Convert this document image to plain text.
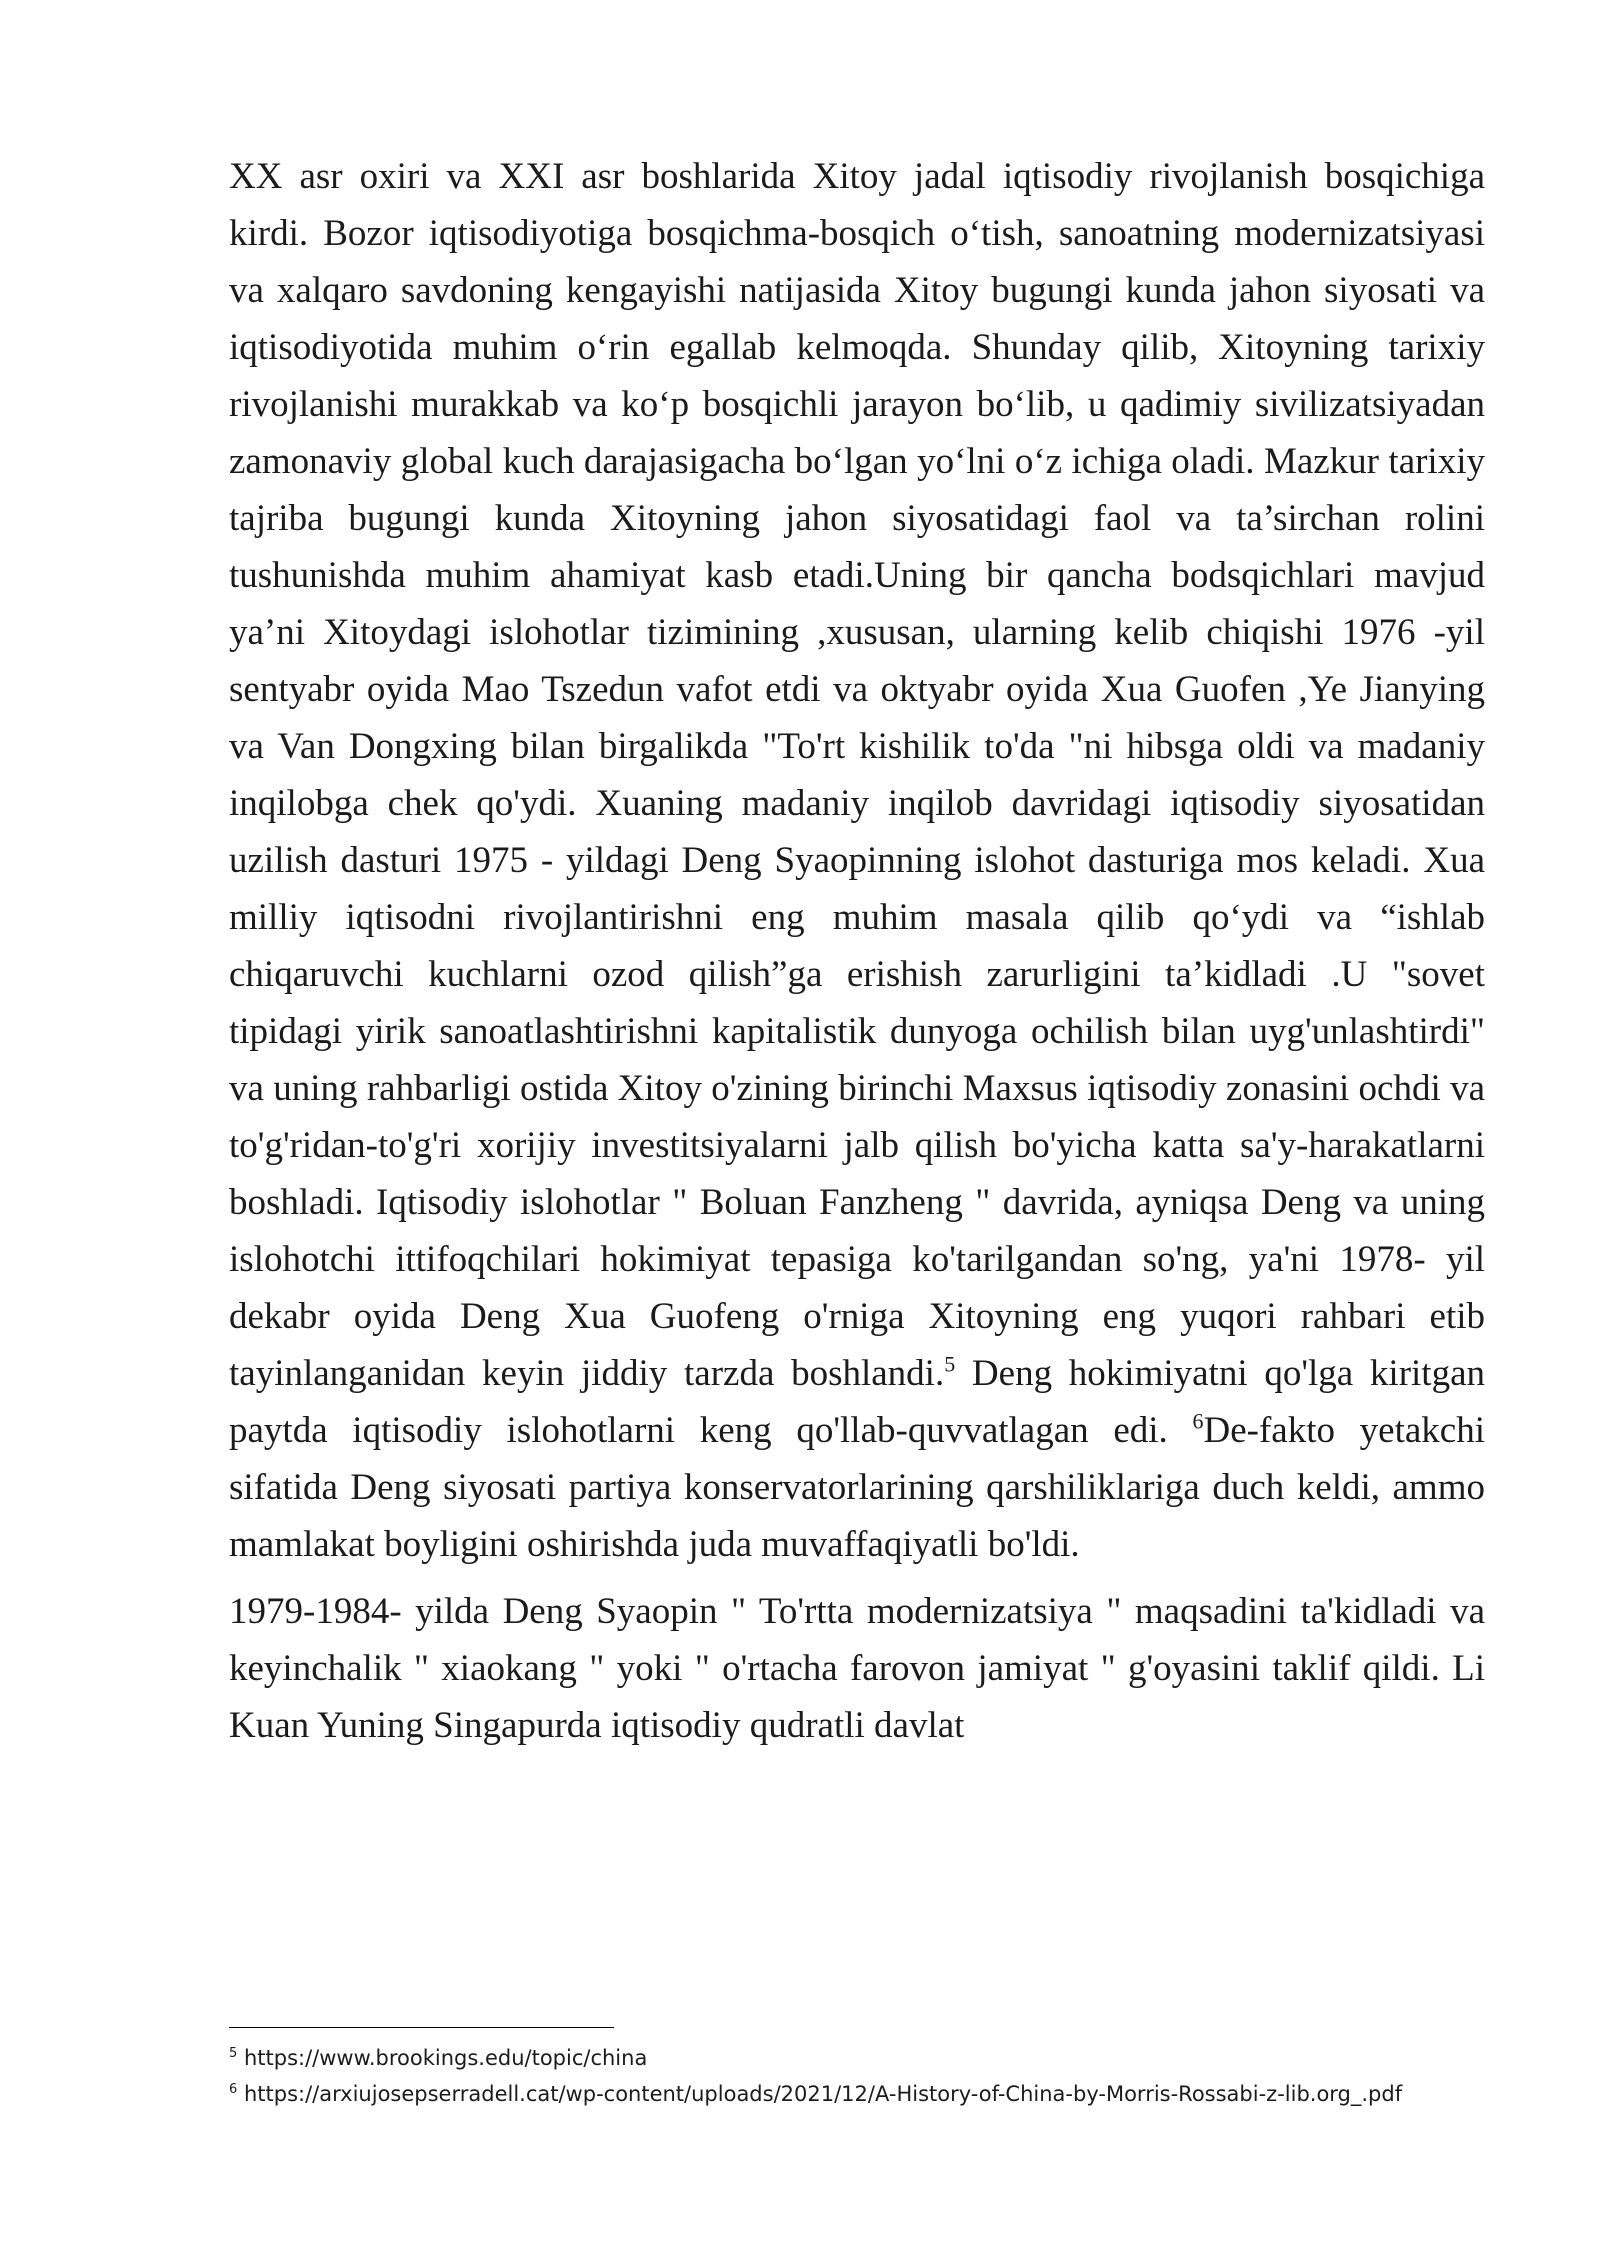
XX asr oxiri va XXI asr boshlarida Xitoy jadal iqtisodiy rivojlanish bosqichiga kirdi. Bozor iqtisodiyotiga bosqichma-bosqich o‘tish, sanoatning modernizatsiyasi va xalqaro savdoning kengayishi natijasida Xitoy bugungi kunda jahon siyosati va iqtisodiyotida muhim o‘rin egallab kelmoqda. Shunday qilib, Xitoyning tarixiy rivojlanishi murakkab va ko‘p bosqichli jarayon bo‘lib, u qadimiy sivilizatsiyadan zamonaviy global kuch darajasigacha bo‘lgan yo‘lni o‘z ichiga oladi. Mazkur tarixiy tajriba bugungi kunda Xitoyning jahon siyosatidagi faol va ta’sirchan rolini tushunishda muhim ahamiyat kasb etadi.Uning bir qancha bodsqichlari mavjud ya’ni Xitoydagi islohotlar tizimining ,xususan, ularning kelib chiqishi 1976 -yil sentyabr oyida Mao Tszedun vafot etdi va oktyabr oyida Xua Guofen ,Ye Jianying va Van Dongxing bilan birgalikda "To'rt kishilik to'da "ni hibsga oldi va madaniy inqilobga chek qo'ydi. Xuaning madaniy inqilob davridagi iqtisodiy siyosatidan uzilish dasturi 1975 - yildagi Deng Syaopinning islohot dasturiga mos keladi. Xua milliy iqtisodni rivojlantirishni eng muhim masala qilib qo‘ydi va “ishlab chiqaruvchi kuchlarni ozod qilish”ga erishish zarurligini ta’kidladi .U "sovet tipidagi yirik sanoatlashtirishni kapitalistik dunyoga ochilish bilan uyg'unlashtirdi" va uning rahbarligi ostida Xitoy o'zining birinchi Maxsus iqtisodiy zonasini ochdi va to'g'ridan-to'g'ri xorijiy investitsiyalarni jalb qilish bo'yicha katta sa'y-harakatlarni boshladi. Iqtisodiy islohotlar " Boluan Fanzheng " davrida, ayniqsa Deng va uning islohotchi ittifoqchilari hokimiyat tepasiga ko'tarilgandan so'ng, ya'ni 1978- yil dekabr oyida Deng Xua Guofeng o'rniga Xitoyning eng yuqori rahbari etib tayinlanganidan keyin jiddiy tarzda boshlandi.$^5$ Deng hokimiyatni qo'lga kiritgan paytda iqtisodiy islohotlarni keng qo'llab-quvvatlagan edi. $^6$De-fakto yetakchi sifatida Deng siyosati partiya konservatorlarining qarshiliklariga duch keldi, ammo mamlakat boyligini oshirishda juda muvaffaqiyatli bo'ldi.

1979-1984- yilda Deng Syaopin " To'rtta modernizatsiya " maqsadini ta'kidladi va keyinchalik " xiaokang " yoki " o'rtacha farovon jamiyat " g'oyasini taklif qildi. Li Kuan Yuning Singapurda iqtisodiy qudratli davlat

$^5$ https://www.brookings.edu/topic/china
$^6$ https://arxiujosepserradell.cat/wp-content/uploads/2021/12/A-History-of-China-by-Morris-Rossabi-z-lib.org_.pdf
